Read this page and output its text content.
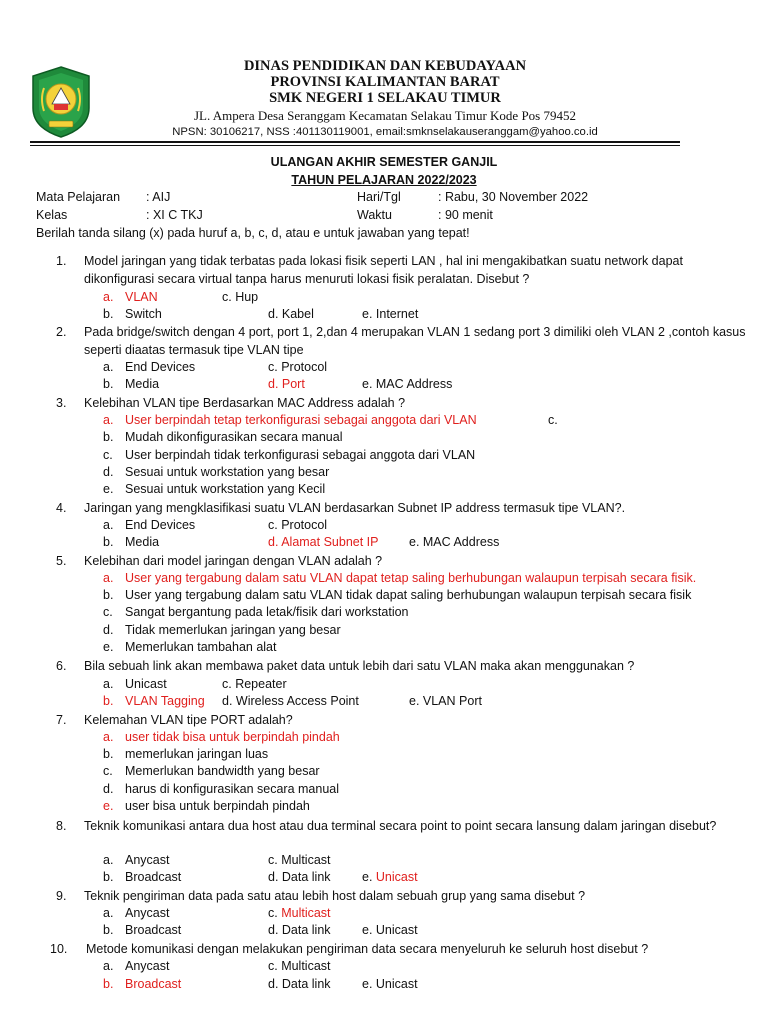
DINAS PENDIDIKAN DAN KEBUDAYAAN
PROVINSI KALIMANTAN BARAT
SMK NEGERI 1 SELAKAU TIMUR
JL. Ampera Desa Seranggam Kecamatan Selakau Timur Kode Pos 79452
NPSN: 30106217, NSS :401130119001, email:smknselakauseranggam@yahoo.co.id
ULANGAN AKHIR SEMESTER GANJIL
TAHUN PELAJARAN 2022/2023
Mata Pelajaran : AIJ	Hari/Tgl	: Rabu, 30 November 2022
Kelas	: XI C TKJ	Waktu	: 90 menit
Berilah tanda silang (x) pada huruf a, b, c, d, atau e untuk jawaban yang tepat!
1. Model jaringan yang tidak terbatas pada lokasi fisik seperti LAN , hal ini mengakibatkan suatu network dapat dikonfigurasi secara virtual tanpa harus menuruti lokasi fisik peralatan. Disebut ?
a. VLAN	c. Hup
b. Switch	d. Kabel	e. Internet
2. Pada bridge/switch dengan 4 port, port 1, 2,dan 4 merupakan VLAN 1 sedang port 3 dimiliki oleh VLAN 2 ,contoh kasus seperti diaatas termasuk tipe VLAN tipe
a. End Devices	c. Protocol
b. Media	d. Port	e. MAC Address
3. Kelebihan VLAN tipe Berdasarkan MAC Address adalah ?
a. User berpindah tetap terkonfigurasi sebagai anggota dari VLAN	c.
b. Mudah dikonfigurasikan secara manual
c. User berpindah tidak terkonfigurasi sebagai anggota dari VLAN
d. Sesuai untuk workstation yang besar
e. Sesuai untuk workstation yang Kecil
4. Jaringan yang mengklasifikasi suatu VLAN berdasarkan Subnet IP address termasuk tipe VLAN?.
a. End Devices	c. Protocol
b. Media	d. Alamat Subnet IP e. MAC Address
5. Kelebihan dari model jaringan dengan VLAN adalah ?
a. User yang tergabung dalam satu VLAN dapat tetap saling berhubungan walaupun terpisah secara fisik.
b. User yang tergabung dalam satu VLAN tidak dapat saling berhubungan walaupun terpisah secara fisik
c. Sangat bergantung pada letak/fisik dari workstation
d. Tidak memerlukan jaringan yang besar
e. Memerlukan tambahan alat
6. Bila sebuah link akan membawa paket data untuk lebih dari satu VLAN maka akan menggunakan ?
a. Unicast	c. Repeater
b. VLAN Tagging d. Wireless Access Point	e. VLAN Port
7. Kelemahan VLAN tipe PORT adalah?
a. user tidak bisa untuk berpindah pindah
b. memerlukan jaringan luas
c. Memerlukan bandwidth yang besar
d. harus di konfigurasikan secara manual
e. user bisa untuk berpindah pindah
8. Teknik komunikasi antara dua host atau dua terminal secara point to point secara lansung dalam jaringan disebut?
a. Anycast	c. Multicast
b. Broadcast	d. Data link	e. Unicast
9. Teknik pengiriman data pada satu atau lebih host dalam sebuah grup yang sama disebut ?
a. Anycast	c. Multicast
b. Broadcast	d. Data link	e. Unicast
10. Metode komunikasi dengan melakukan pengiriman data secara menyeluruh ke seluruh host disebut ?
a. Anycast	c. Multicast
b. Broadcast	d. Data link	e. Unicast
